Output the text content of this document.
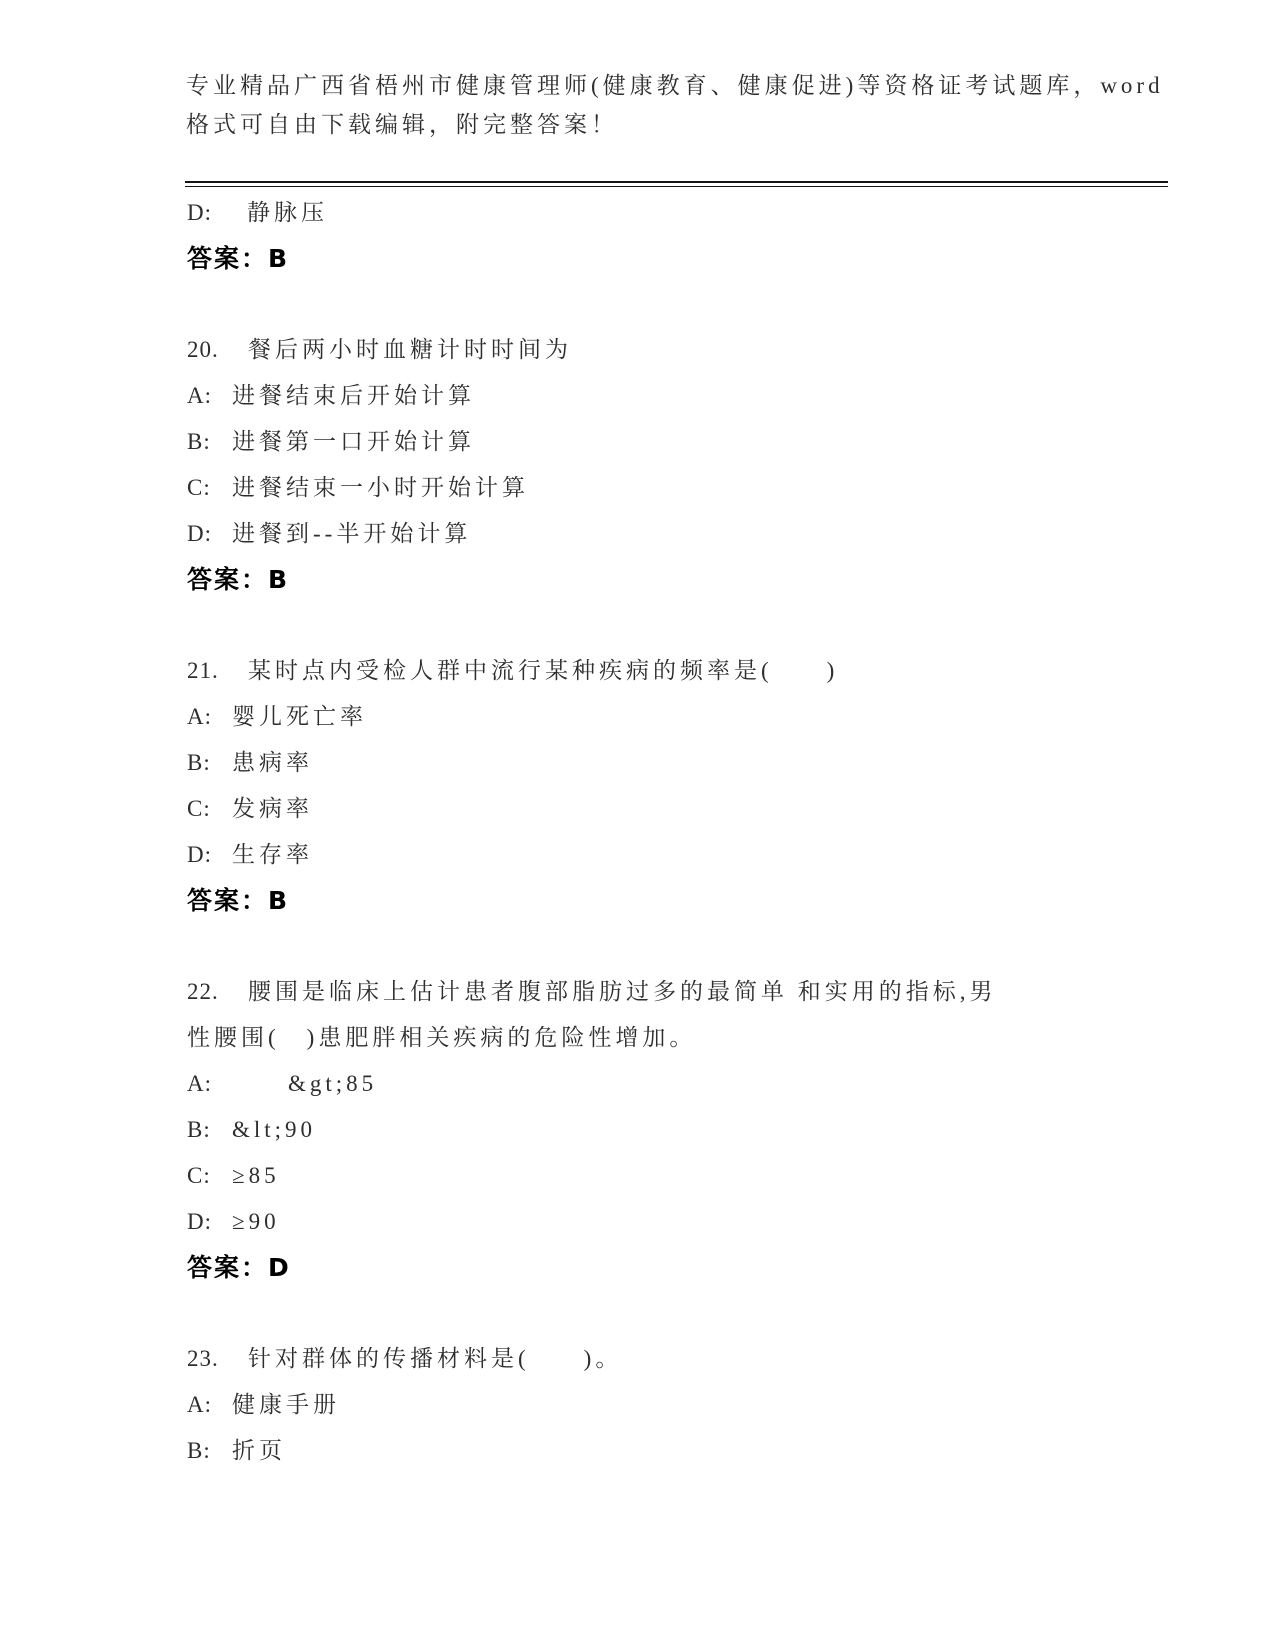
专业精品广西省梧州市健康管理师(健康教育、健康促进)等资格证考试题库，word
格式可自由下载编辑，附完整答案！
D: 静脉压
答案：B
20. 餐后两小时血糖计时时间为
A: 进餐结束后开始计算
B: 进餐第一口开始计算
C: 进餐结束一小时开始计算
D: 进餐到--半开始计算
答案：B
21. 某时点内受检人群中流行某种疾病的频率是(　　)
A: 婴儿死亡率
B: 患病率
C: 发病率
D: 生存率
答案：B
22. 腰围是临床上估计患者腹部脂肪过多的最简单 和实用的指标,男
性腰围(　)患肥胖相关疾病的危险性增加。
A:	&gt;85
B: &lt;90
C: ≥85
D: ≥90
答案：D
23. 针对群体的传播材料是(　　)。
A: 健康手册
B: 折页
